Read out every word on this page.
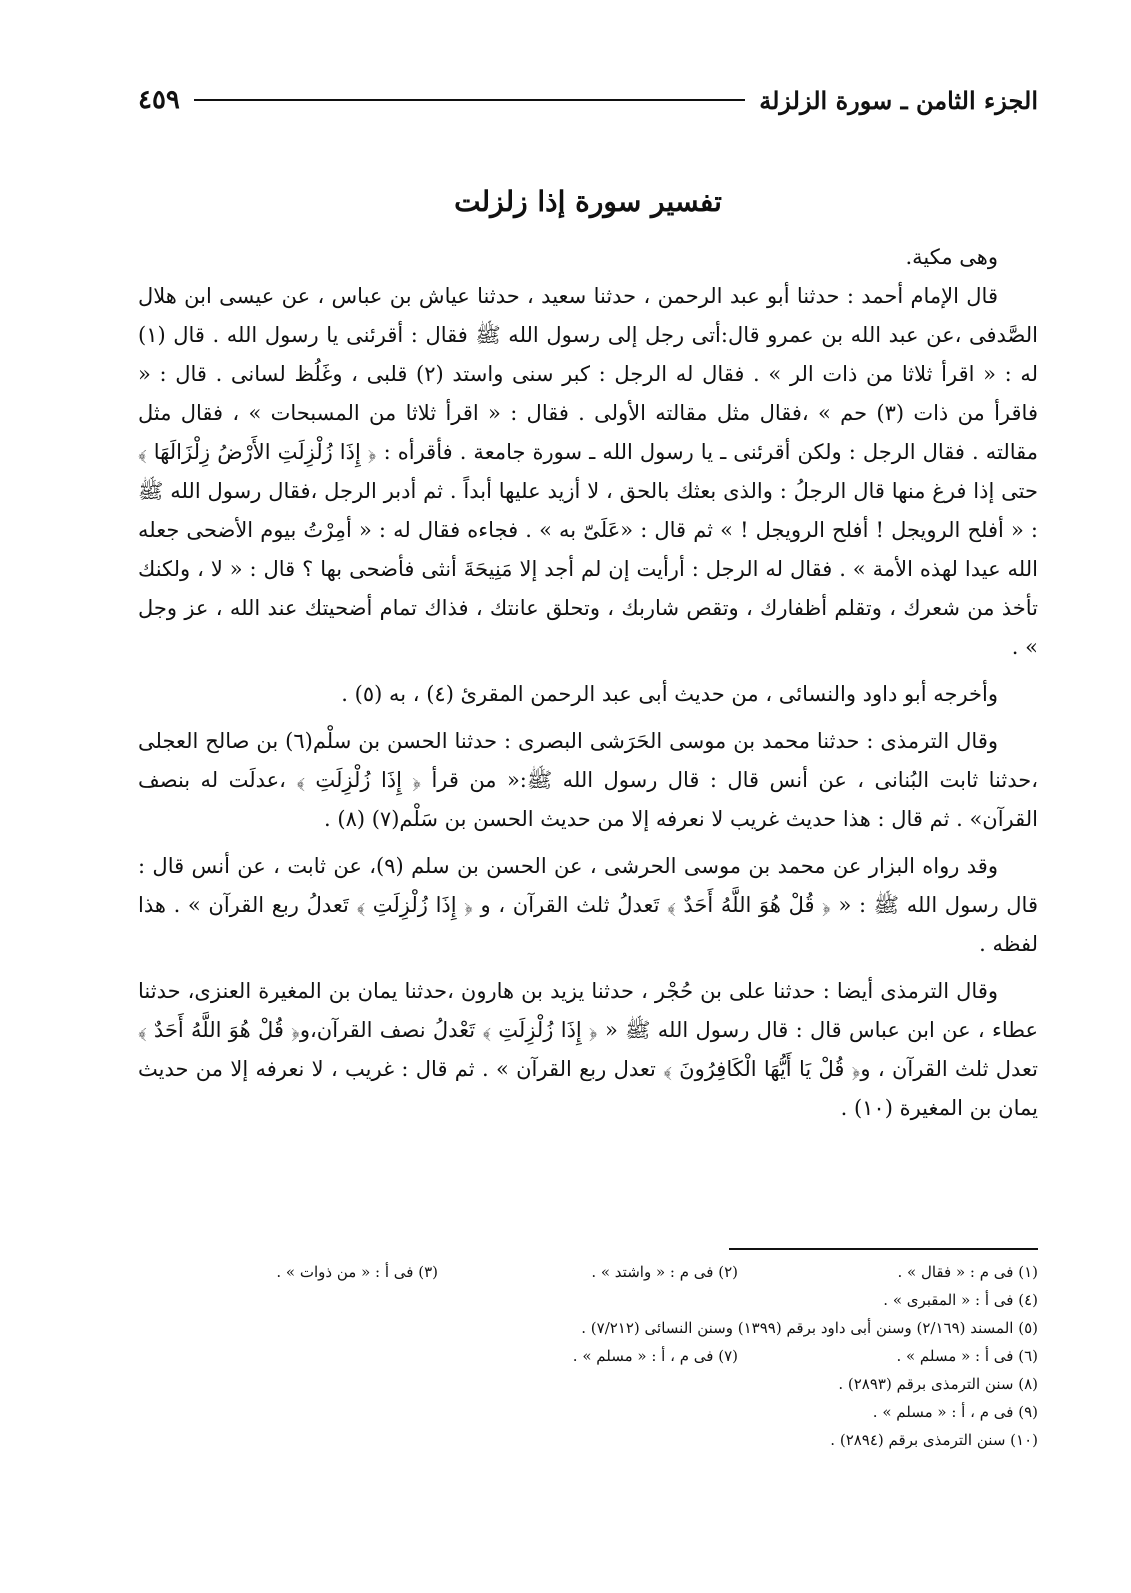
الجزء الثامن ـ سورة الزلزلة
٤٥٩
تفسير سورة إذا زلزلت

وهى مكية.

قال الإمام أحمد : حدثنا أبو عبد الرحمن ، حدثنا سعيد ، حدثنا عياش بن عباس ، عن عيسى ابن هلال الصَّدفى ،عن عبد الله بن عمرو قال:أتى رجل إلى رسول الله ﷺ فقال : أقرئنى يا رسول الله . قال (١) له : « اقرأ ثلاثا من ذات الر » . فقال له الرجل : كبر سنى واستد (٢) قلبى ، وغَلُظ لسانى . قال : « فاقرأ من ذات (٣) حم » ،فقال مثل مقالته الأولى . فقال : « اقرأ ثلاثا من المسبحات » ، فقال مثل مقالته . فقال الرجل : ولكن أقرئنى ـ يا رسول الله ـ سورة جامعة . فأقرأه : ﴿ إِذَا زُلْزِلَتِ الأَرْضُ زِلْزَالَهَا ﴾ حتى إذا فرغ منها قال الرجلُ : والذى بعثك بالحق ، لا أزيد عليها أبداً . ثم أدبر الرجل ،فقال رسول الله ﷺ : « أفلح الرويجل ! أفلح الرويجل ! » ثم قال : «عَلَىّ به » . فجاءه فقال له : « أمِرْتُ بيوم الأضحى جعله الله عيدا لهذه الأمة » . فقال له الرجل : أرأيت إن لم أجد إلا مَنِيحَةَ أنثى فأضحى بها ؟ قال : « لا ، ولكنك تأخذ من شعرك ، وتقلم أظفارك ، وتقص شاربك ، وتحلق عانتك ، فذاك تمام أضحيتك عند الله ، عز وجل » .

وأخرجه أبو داود والنسائى ، من حديث أبى عبد الرحمن المقرئ (٤) ، به (٥) .

وقال الترمذى : حدثنا محمد بن موسى الحَرَشى البصرى : حدثنا الحسن بن سلْم(٦) بن صالح العجلى ،حدثنا ثابت البُنانى ، عن أنس قال : قال رسول الله ﷺ:« من قرأ ﴿ إِذَا زُلْزِلَتِ ﴾ ،عدلَت له بنصف القرآن» . ثم قال : هذا حديث غريب لا نعرفه إلا من حديث الحسن بن سَلْم(٧) (٨) .

وقد رواه البزار عن محمد بن موسى الحرشى ، عن الحسن بن سلم (٩)، عن ثابت ، عن أنس قال : قال رسول الله ﷺ : « ﴿ قُلْ هُوَ اللَّهُ أَحَدٌ ﴾ تَعدلُ ثلث القرآن ، و ﴿ إِذَا زُلْزِلَتِ ﴾ تَعدلُ ربع القرآن » . هذا لفظه .

وقال الترمذى أيضا : حدثنا على بن حُجْر ، حدثنا يزيد بن هارون ،حدثنا يمان بن المغيرة العنزى، حدثنا عطاء ، عن ابن عباس قال : قال رسول الله ﷺ « ﴿ إِذَا زُلْزِلَتِ ﴾ تَعْدلُ نصف القرآن،و﴿ قُلْ هُوَ اللَّهُ أَحَدٌ ﴾ تعدل ثلث القرآن ، و﴿ قُلْ يَا أَيُّهَا الْكَافِرُونَ ﴾ تعدل ربع القرآن » . ثم قال : غريب ، لا نعرفه إلا من حديث يمان بن المغيرة (١٠) .

(١) فى م : « فقال » .
(٢) فى م : « واشتد » .
(٣) فى أ : « من ذوات » .
(٤) فى أ : « المقبرى » .
(٥) المسند (٢/١٦٩) وسنن أبى داود برقم (١٣٩٩) وسنن النسائى (٧/٢١٢) .
(٦) فى أ : « مسلم » .
(٧) فى م ، أ : « مسلم » .
(٨) سنن الترمذى برقم (٢٨٩٣) .
(٩) فى م ، أ : « مسلم » .
(١٠) سنن الترمذى برقم (٢٨٩٤) .
